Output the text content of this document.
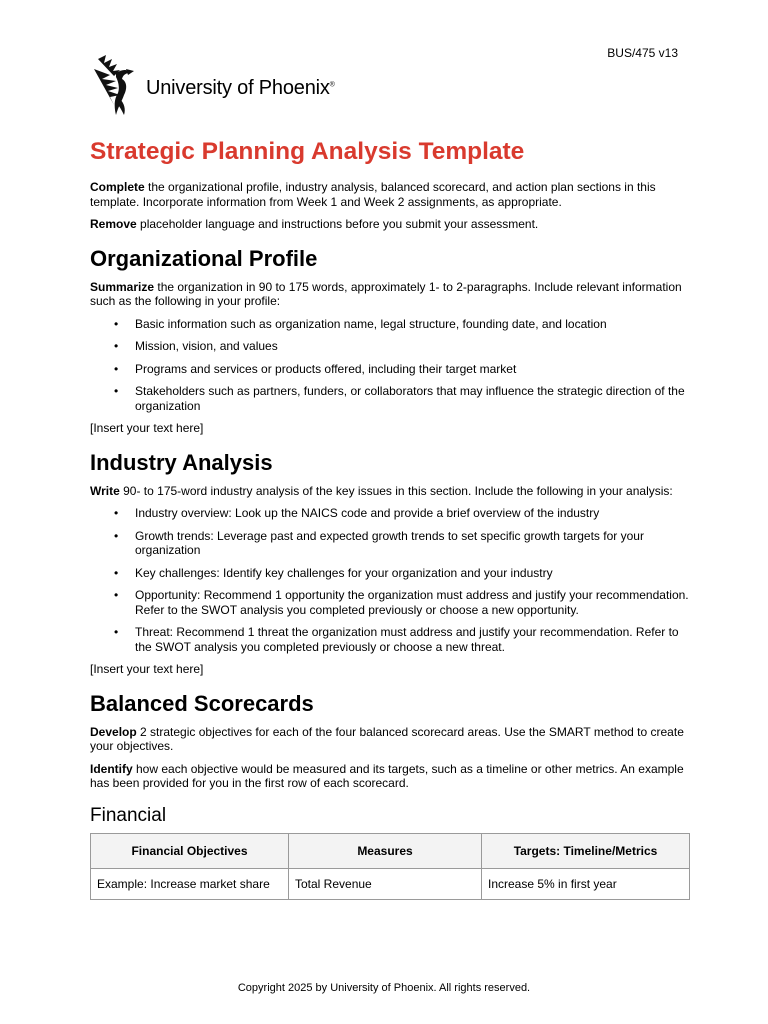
BUS/475 v13
University of Phoenix®
Strategic Planning Analysis Template

Complete the organizational profile, industry analysis, balanced scorecard, and action plan sections in this template. Incorporate information from Week 1 and Week 2 assignments, as appropriate.

Remove placeholder language and instructions before you submit your assessment.

Organizational Profile

Summarize the organization in 90 to 175 words, approximately 1- to 2-paragraphs. Include relevant information such as the following in your profile:

• Basic information such as organization name, legal structure, founding date, and location
• Mission, vision, and values
• Programs and services or products offered, including their target market
• Stakeholders such as partners, funders, or collaborators that may influence the strategic direction of the organization

[Insert your text here]

Industry Analysis

Write 90- to 175-word industry analysis of the key issues in this section. Include the following in your analysis:

• Industry overview: Look up the NAICS code and provide a brief overview of the industry
• Growth trends: Leverage past and expected growth trends to set specific growth targets for your organization
• Key challenges: Identify key challenges for your organization and your industry
• Opportunity: Recommend 1 opportunity the organization must address and justify your recommendation. Refer to the SWOT analysis you completed previously or choose a new opportunity.
• Threat: Recommend 1 threat the organization must address and justify your recommendation. Refer to the SWOT analysis you completed previously or choose a new threat.

[Insert your text here]

Balanced Scorecards

Develop 2 strategic objectives for each of the four balanced scorecard areas. Use the SMART method to create your objectives.

Identify how each objective would be measured and its targets, such as a timeline or other metrics. An example has been provided for you in the first row of each scorecard.

Financial
Financial Objectives	Measures	Targets: Timeline/Metrics
Example: Increase market share	Total Revenue	Increase 5% in first year
Copyright 2025 by University of Phoenix. All rights reserved.
